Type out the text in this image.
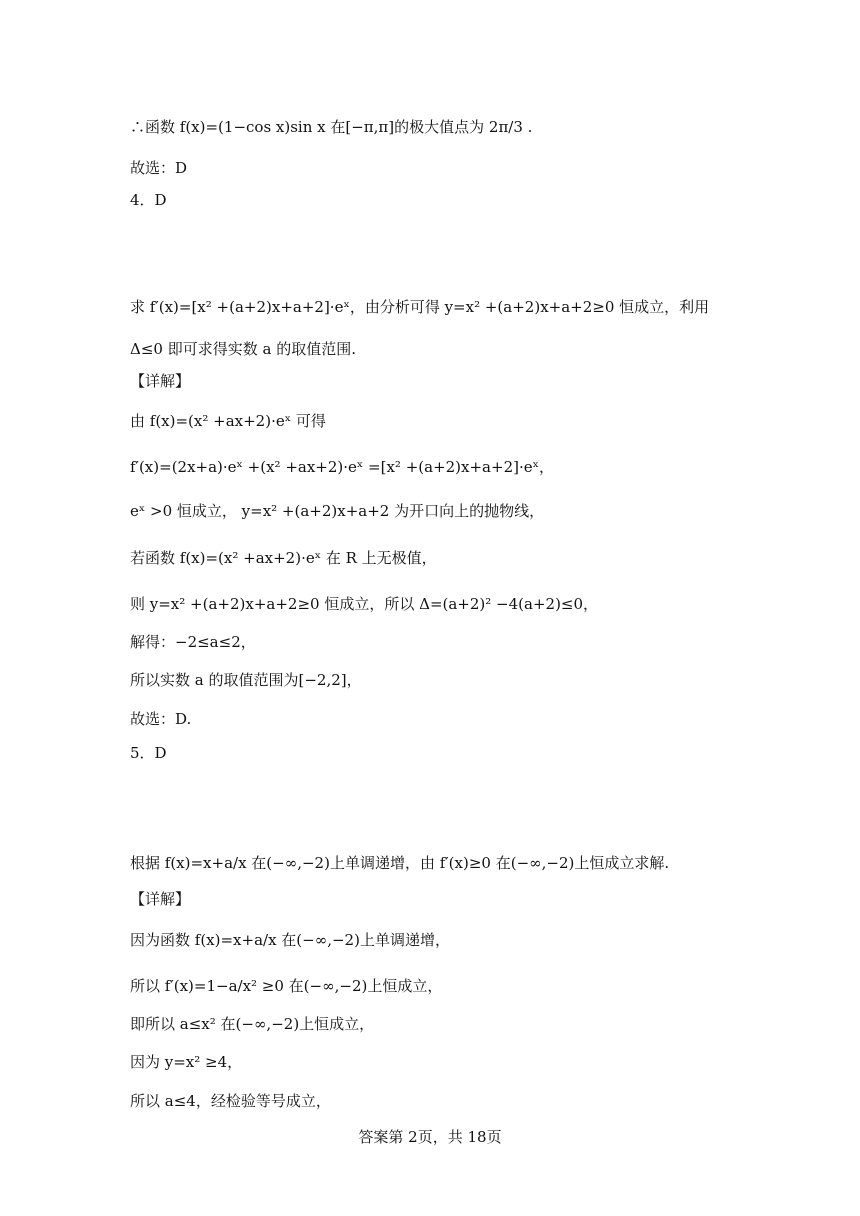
∴函数 f(x)=(1−cos x)sin x 在[−π,π]的极大值点为 2π/3 .
故选：D
4．D
求 f′(x)=[x² +(a+2)x+a+2]·eˣ，由分析可得 y=x² +(a+2)x+a+2≥0 恒成立，利用
Δ≤0 即可求得实数 a 的取值范围.
【详解】
由 f(x)=(x² +ax+2)·eˣ 可得
f′(x)=(2x+a)·eˣ +(x² +ax+2)·eˣ =[x² +(a+2)x+a+2]·eˣ，
eˣ >0 恒成立， y=x² +(a+2)x+a+2 为开口向上的抛物线，
若函数 f(x)=(x² +ax+2)·eˣ 在 R 上无极值，
则 y=x² +(a+2)x+a+2≥0 恒成立，所以 Δ=(a+2)² −4(a+2)≤0，
解得：−2≤a≤2，
所以实数 a 的取值范围为[−2,2]，
故选：D.
5．D
根据 f(x)=x+a/x 在(−∞,−2)上单调递增，由 f′(x)≥0 在(−∞,−2)上恒成立求解.
【详解】
因为函数 f(x)=x+a/x 在(−∞,−2)上单调递增，
所以 f′(x)=1−a/x² ≥0 在(−∞,−2)上恒成立，
即所以 a≤x² 在(−∞,−2)上恒成立，
因为 y=x² ≥4，
所以 a≤4，经检验等号成立，
答案第 2页，共 18页
